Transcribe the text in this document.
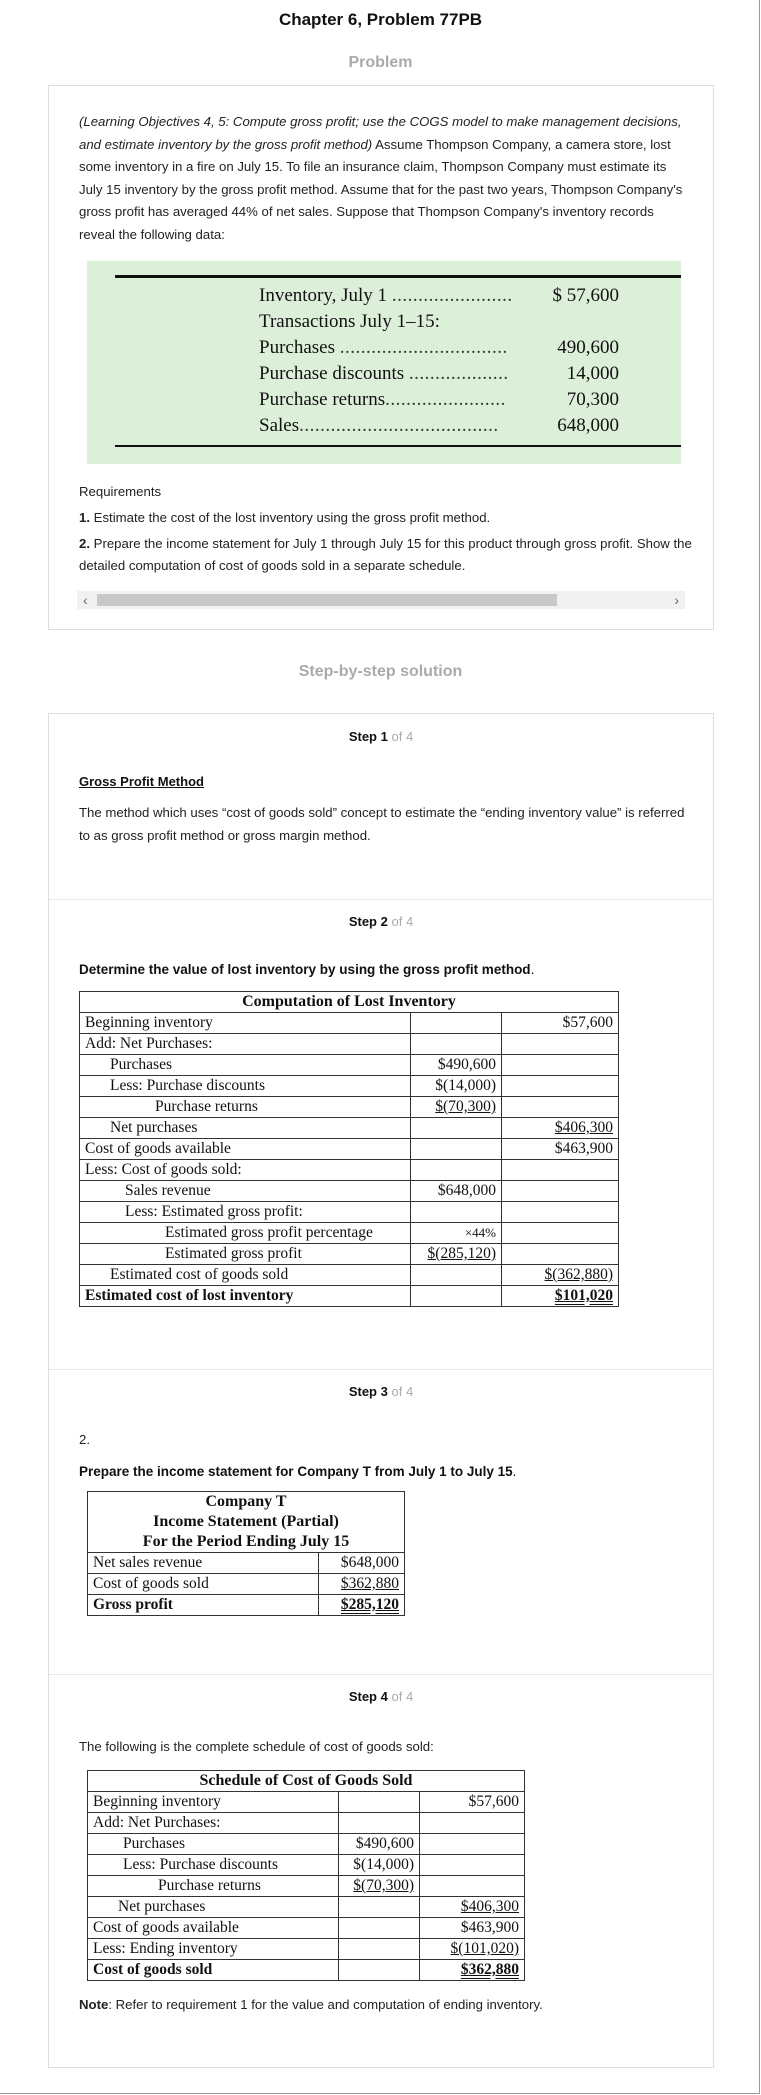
Chapter 6, Problem 77PB
Problem

(Learning Objectives 4, 5: Compute gross profit; use the COGS model to make management decisions, and estimate inventory by the gross profit method) Assume Thompson Company, a camera store, lost some inventory in a fire on July 15. To file an insurance claim, Thompson Company must estimate its July 15 inventory by the gross profit method. Assume that for the past two years, Thompson Company's gross profit has averaged 44% of net sales. Suppose that Thompson Company's inventory records reveal the following data:

Inventory, July 1 .......................	$ 57,600
Transactions July 1–15:	
Purchases ................................	490,600
Purchase discounts ...................	14,000
Purchase returns.......................	70,300
Sales......................................	648,000
Requirements
1. Estimate the cost of the lost inventory using the gross profit method.
2. Prepare the income statement for July 1 through July 15 for this product through gross profit. Show the detailed computation of cost of goods sold in a separate schedule.
‹	›
Step-by-step solution
Step 1 of 4
Gross Profit Method

The method which uses “cost of goods sold” concept to estimate the “ending inventory value” is referred to as gross profit method or gross margin method.

Step 2 of 4
Determine the value of lost inventory by using the gross profit method.
Computation of Lost Inventory		
Beginning inventory		$57,600
Add: Net Purchases:		
Purchases	$490,600	
Less: Purchase discounts	$(14,000)	
Purchase returns	$(70,300)	
Net purchases		$406,300
Cost of goods available		$463,900
Less: Cost of goods sold:		
Sales revenue	$648,000	
Less: Estimated gross profit:		
Estimated gross profit percentage	×44%	
Estimated gross profit	$(285,120)	
Estimated cost of goods sold		$(362,880)
Estimated cost of lost inventory		$101,020
Step 3 of 4
2.
Prepare the income statement for Company T from July 1 to July 15.
Company T	
Income Statement (Partial)	
For the Period Ending July 15	
Net sales revenue	$648,000
Cost of goods sold	$362,880
Gross profit	$285,120
Step 4 of 4
The following is the complete schedule of cost of goods sold:
Schedule of Cost of Goods Sold		
Beginning inventory		$57,600
Add: Net Purchases:		
Purchases	$490,600	
Less: Purchase discounts	$(14,000)	
Purchase returns	$(70,300)	
Net purchases		$406,300
Cost of goods available		$463,900
Less: Ending inventory		$(101,020)
Cost of goods sold		$362,880
Note: Refer to requirement 1 for the value and computation of ending inventory.
